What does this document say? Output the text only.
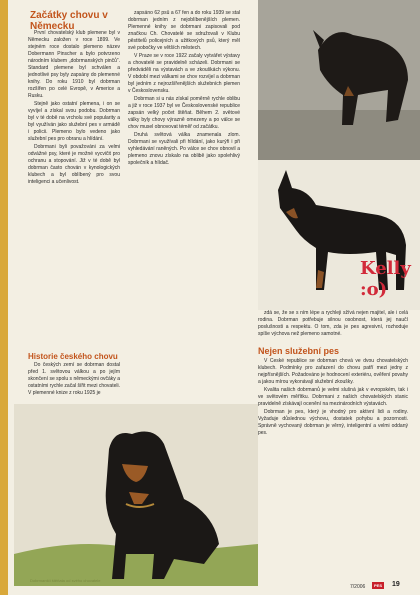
Začátky chovu v Německu

První chovatelský klub plemene byl v Německu založen v roce 1899. Ve stejném roce dostalo plemeno název Dobermann Pinscher a bylo potvrzeno národním klubem „dobrmanských pinčů“. Standard plemene byl schválen a jednotlivé psy byly zapsány do plemenné knihy. Do roku 1910 byl dobrman rozšířen po celé Evropě, v Americe a Rusku.

Stejně jako ostatní plemena, i on se vyvíjel a získal svou podobu. Dobrman byl v té době na vrcholu své popularity a byl využíván jako služební pes v armádě i policii. Plemeno bylo vedeno jako služební pes pro obranu a hlídání.

Dobrmani byli považováni za velmi odvážné psy, které je možné vycvičit pro ochranu a stopování. Již v té době byl dobrman často chován v kynologických klubech a byl oblíbený pro svou inteligenci a učenlivost.

Historie českého chovu

Do českých zemí se dobrman dostal před 1. světovou válkou a po jejím skončení se spolu s německými ovčáky a ostatními rychle začal šířit mezi chovateli. V plemenné knize z roku 1925 je

zapsáno 62 psů a 67 fen a do roku 1939 se stal dobrman jedním z nejoblíbenějších plemen. Plemenné knihy se dobrmani zapisovali pod značkou Ch. Chovatelé se sdružovali v Klubu pěstitelů policejních a užitkových psů, který měl své pobočky ve větších městech.

V Praze se v roce 1922 začaly vytvářet výstavy a chovatelé se pravidelně scházeli. Dobrmani se předváděli na výstavách a ve zkouškách výkonu. V období mezi válkami se chov rozvíjel a dobrman byl jedním z nejrozšířenějších služebních plemen v Československu.

Dobrman si u nás získal poměrně rychle oblibu a již v roce 1937 byl ve Československé republice zapsán velký počet štěňat. Během 2. světové války byly chovy výrazně omezeny a po válce se chov musel obnovovat téměř od začátku.

Druhá světová válka znamenala zlom. Dobrmani se využívali při hlídání, jako kurýři i při vyhledávání raněných. Po válce se chov obnovil a plemeno znovu získalo na oblibě jako spolehlivý společník a hlídač.

Kelly :o)

zdá se, že se s ním lépe a rychleji sžívá nejen majitel, ale i celá rodina. Dobrman potřebuje silnou osobnost, která jej naučí poslušnosti a respektu. O tom, zda je pes agresivní, rozhoduje spíše výchova než plemeno samotné.

Nejen služební pes

V České republice se dobrman chová ve dvou chovatelských klubech. Podmínky pro zařazení do chovu patří mezi jedny z nejpřísnějších. Požadováno je hodnocení exteriéru, ověření povahy a jakou mírou vykonávají služební zkoušky.

Kvalita našich dobrmanů je velmi slušná jak v evropském, tak i ve světovém měřítku. Dobrmani z našich chovatelských stanic pravidelně získávají ocenění na mezinárodních výstavách.

Dobrman je pes, který je vhodný pro aktivní lidi a rodiny. Vyžaduje důslednou výchovu, dostatek pohybu a pozornosti. Správně vychovaný dobrman je věrný, inteligentní a velmi oddaný pes.

Dobrmanští štěňata od svého chovatele
7/2006	PES 19
